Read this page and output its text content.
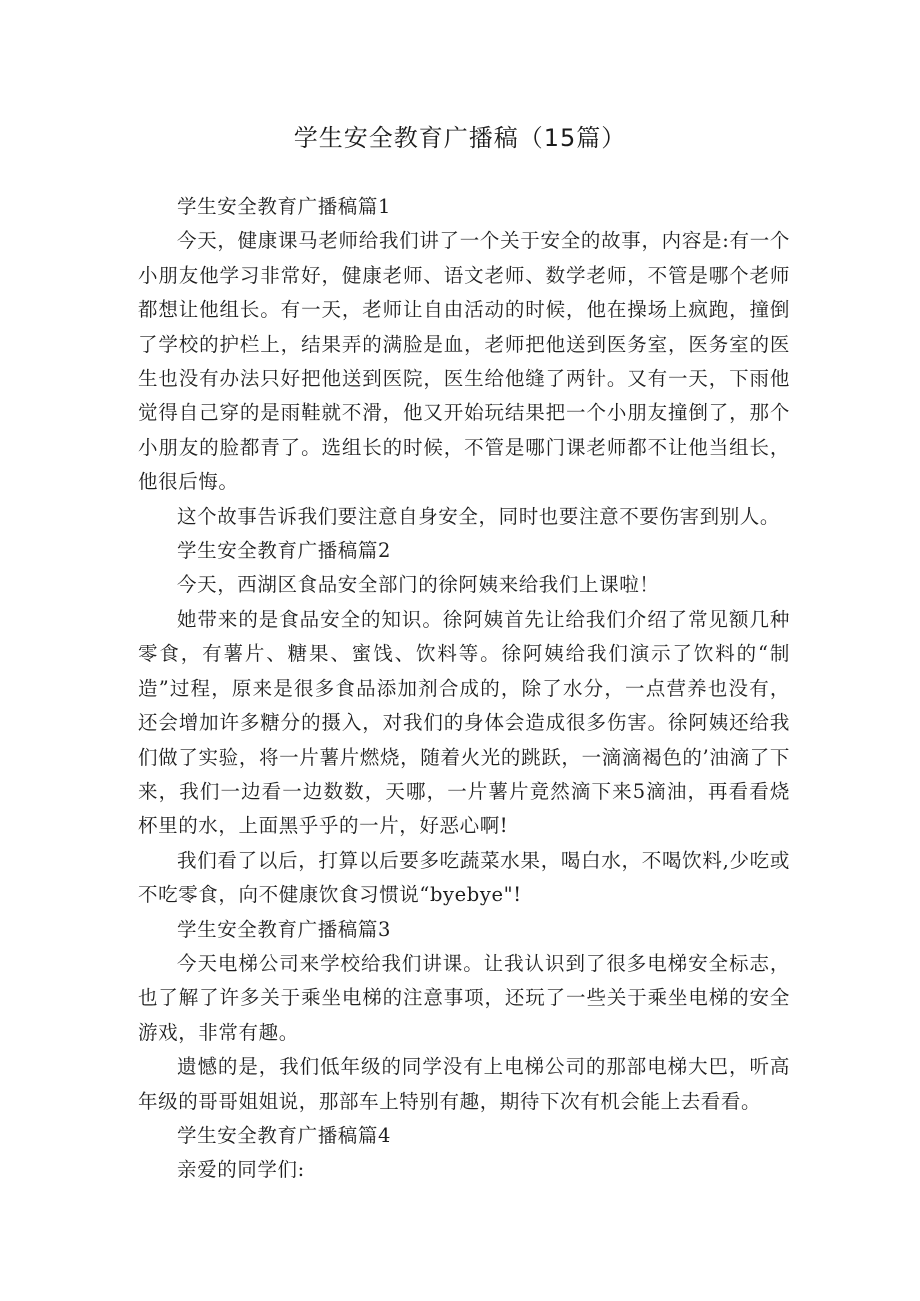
学生安全教育广播稿（15篇）

学生安全教育广播稿篇1

今天，健康课马老师给我们讲了一个关于安全的故事，内容是:有一个小朋友他学习非常好，健康老师、语文老师、数学老师，不管是哪个老师都想让他组长。有一天，老师让自由活动的时候，他在操场上疯跑，撞倒了学校的护栏上，结果弄的满脸是血，老师把他送到医务室，医务室的医生也没有办法只好把他送到医院，医生给他缝了两针。又有一天，下雨他觉得自己穿的是雨鞋就不滑，他又开始玩结果把一个小朋友撞倒了，那个小朋友的脸都青了。选组长的时候，不管是哪门课老师都不让他当组长，他很后悔。

这个故事告诉我们要注意自身安全，同时也要注意不要伤害到别人。

学生安全教育广播稿篇2

今天，西湖区食品安全部门的徐阿姨来给我们上课啦！

她带来的是食品安全的知识。徐阿姨首先让给我们介绍了常见额几种零食，有薯片、糖果、蜜饯、饮料等。徐阿姨给我们演示了饮料的“制造”过程，原来是很多食品添加剂合成的，除了水分，一点营养也没有，还会增加许多糖分的摄入，对我们的身体会造成很多伤害。徐阿姨还给我们做了实验，将一片薯片燃烧，随着火光的跳跃，一滴滴褐色的’油滴了下来，我们一边看一边数数，天哪，一片薯片竟然滴下来5滴油，再看看烧杯里的水，上面黑乎乎的一片，好恶心啊!

我们看了以后，打算以后要多吃蔬菜水果，喝白水，不喝饮料,少吃或不吃零食，向不健康饮食习惯说“byebye"!

学生安全教育广播稿篇3

今天电梯公司来学校给我们讲课。让我认识到了很多电梯安全标志，也了解了许多关于乘坐电梯的注意事项，还玩了一些关于乘坐电梯的安全游戏，非常有趣。

遗憾的是，我们低年级的同学没有上电梯公司的那部电梯大巴，听高年级的哥哥姐姐说，那部车上特别有趣，期待下次有机会能上去看看。

学生安全教育广播稿篇4

亲爱的同学们:
